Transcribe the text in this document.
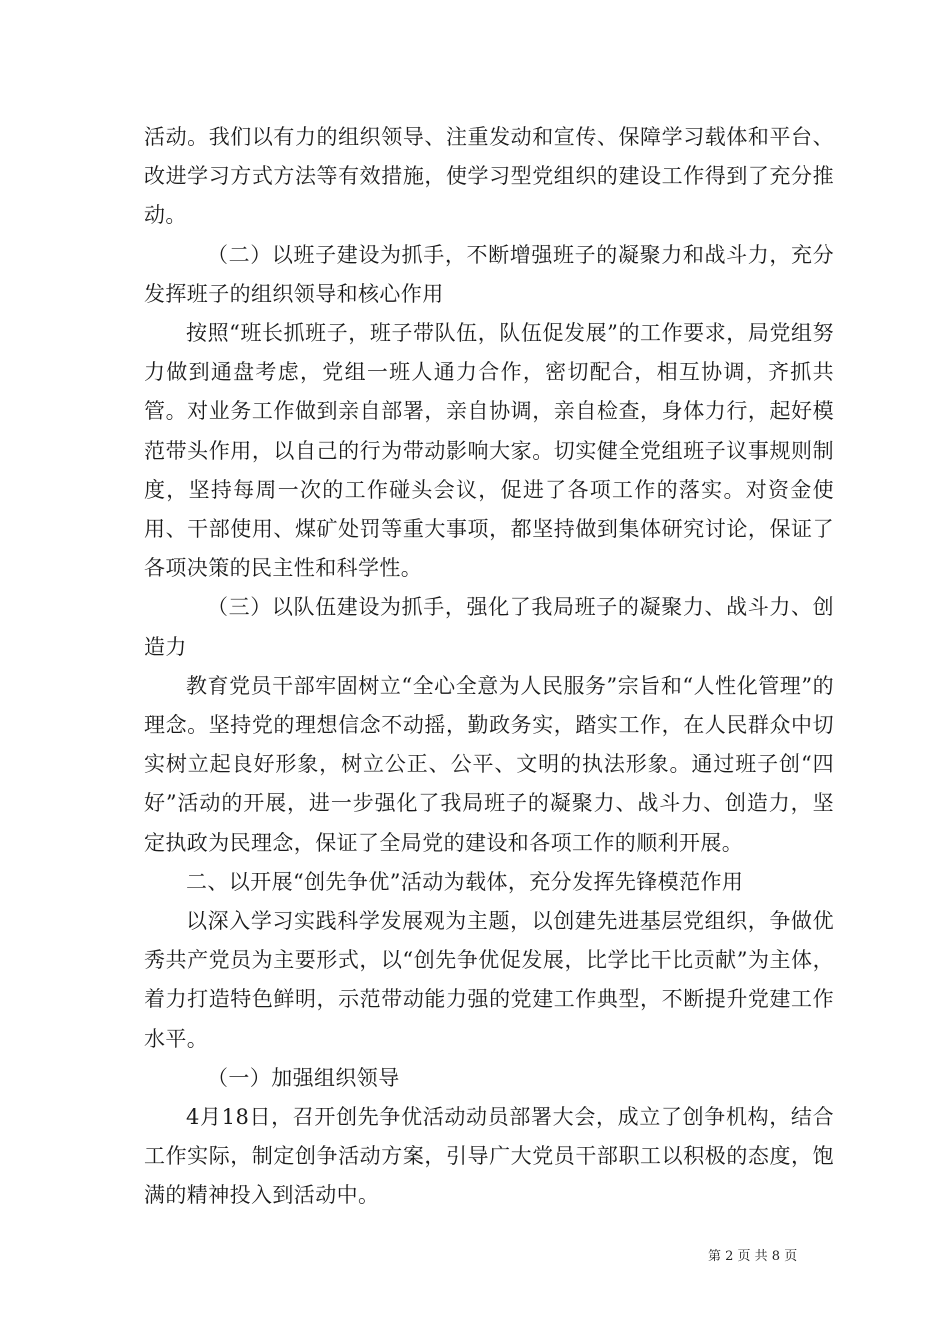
活动。我们以有力的组织领导、注重发动和宣传、保障学习载体和平台、改进学习方式方法等有效措施，使学习型党组织的建设工作得到了充分推动。

（二）以班子建设为抓手，不断增强班子的凝聚力和战斗力，充分发挥班子的组织领导和核心作用

按照“班长抓班子，班子带队伍，队伍促发展”的工作要求，局党组努力做到通盘考虑，党组一班人通力合作，密切配合，相互协调，齐抓共管。对业务工作做到亲自部署，亲自协调，亲自检查，身体力行，起好模范带头作用，以自己的行为带动影响大家。切实健全党组班子议事规则制度，坚持每周一次的工作碰头会议，促进了各项工作的落实。对资金使用、干部使用、煤矿处罚等重大事项，都坚持做到集体研究讨论，保证了各项决策的民主性和科学性。

（三）以队伍建设为抓手，强化了我局班子的凝聚力、战斗力、创造力

教育党员干部牢固树立“全心全意为人民服务”宗旨和“人性化管理”的理念。坚持党的理想信念不动摇，勤政务实，踏实工作，在人民群众中切实树立起良好形象，树立公正、公平、文明的执法形象。通过班子创“四好”活动的开展，进一步强化了我局班子的凝聚力、战斗力、创造力，坚定执政为民理念，保证了全局党的建设和各项工作的顺利开展。

二、以开展“创先争优”活动为载体，充分发挥先锋模范作用

以深入学习实践科学发展观为主题，以创建先进基层党组织，争做优秀共产党员为主要形式，以“创先争优促发展，比学比干比贡献”为主体，着力打造特色鲜明，示范带动能力强的党建工作典型，不断提升党建工作水平。

（一）加强组织领导

4月18日，召开创先争优活动动员部署大会，成立了创争机构，结合工作实际，制定创争活动方案，引导广大党员干部职工以积极的态度，饱满的精神投入到活动中。

第 2 页 共 8 页
